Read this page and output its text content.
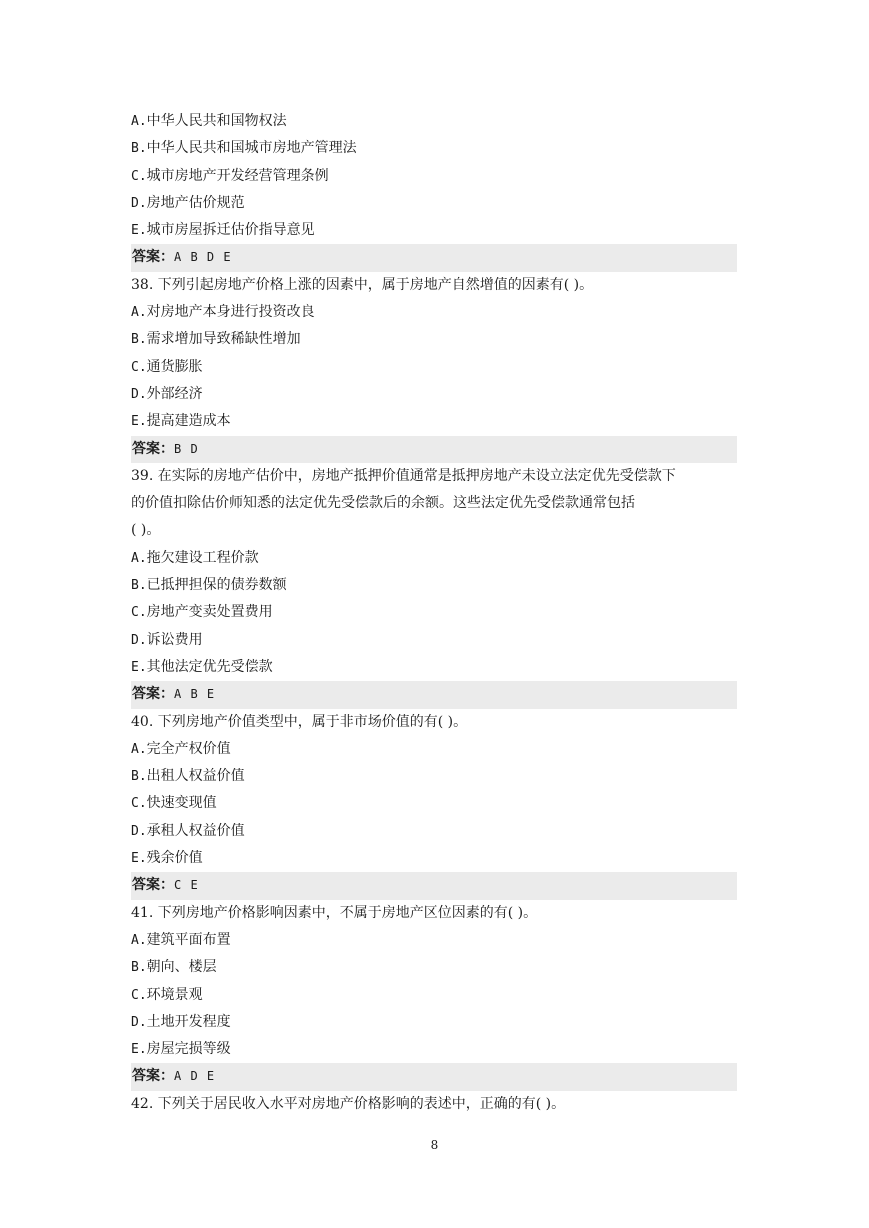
A.中华人民共和国物权法
B.中华人民共和国城市房地产管理法
C.城市房地产开发经营管理条例
D.房地产估价规范
E.城市房屋拆迁估价指导意见
答案：A B D E
38. 下列引起房地产价格上涨的因素中，属于房地产自然增值的因素有( )。
A.对房地产本身进行投资改良
B.需求增加导致稀缺性增加
C.通货膨胀
D.外部经济
E.提高建造成本
答案：B D
39. 在实际的房地产估价中，房地产抵押价值通常是抵押房地产未设立法定优先受偿款下
的价值扣除估价师知悉的法定优先受偿款后的余额。这些法定优先受偿款通常包括
( )。
A.拖欠建设工程价款
B.已抵押担保的债券数额
C.房地产变卖处置费用
D.诉讼费用
E.其他法定优先受偿款
答案：A B E
40. 下列房地产价值类型中，属于非市场价值的有( )。
A.完全产权价值
B.出租人权益价值
C.快速变现值
D.承租人权益价值
E.残余价值
答案：C E
41. 下列房地产价格影响因素中，不属于房地产区位因素的有( )。
A.建筑平面布置
B.朝向、楼层
C.环境景观
D.土地开发程度
E.房屋完损等级
答案：A D E
42. 下列关于居民收入水平对房地产价格影响的表述中，正确的有( )。
8
